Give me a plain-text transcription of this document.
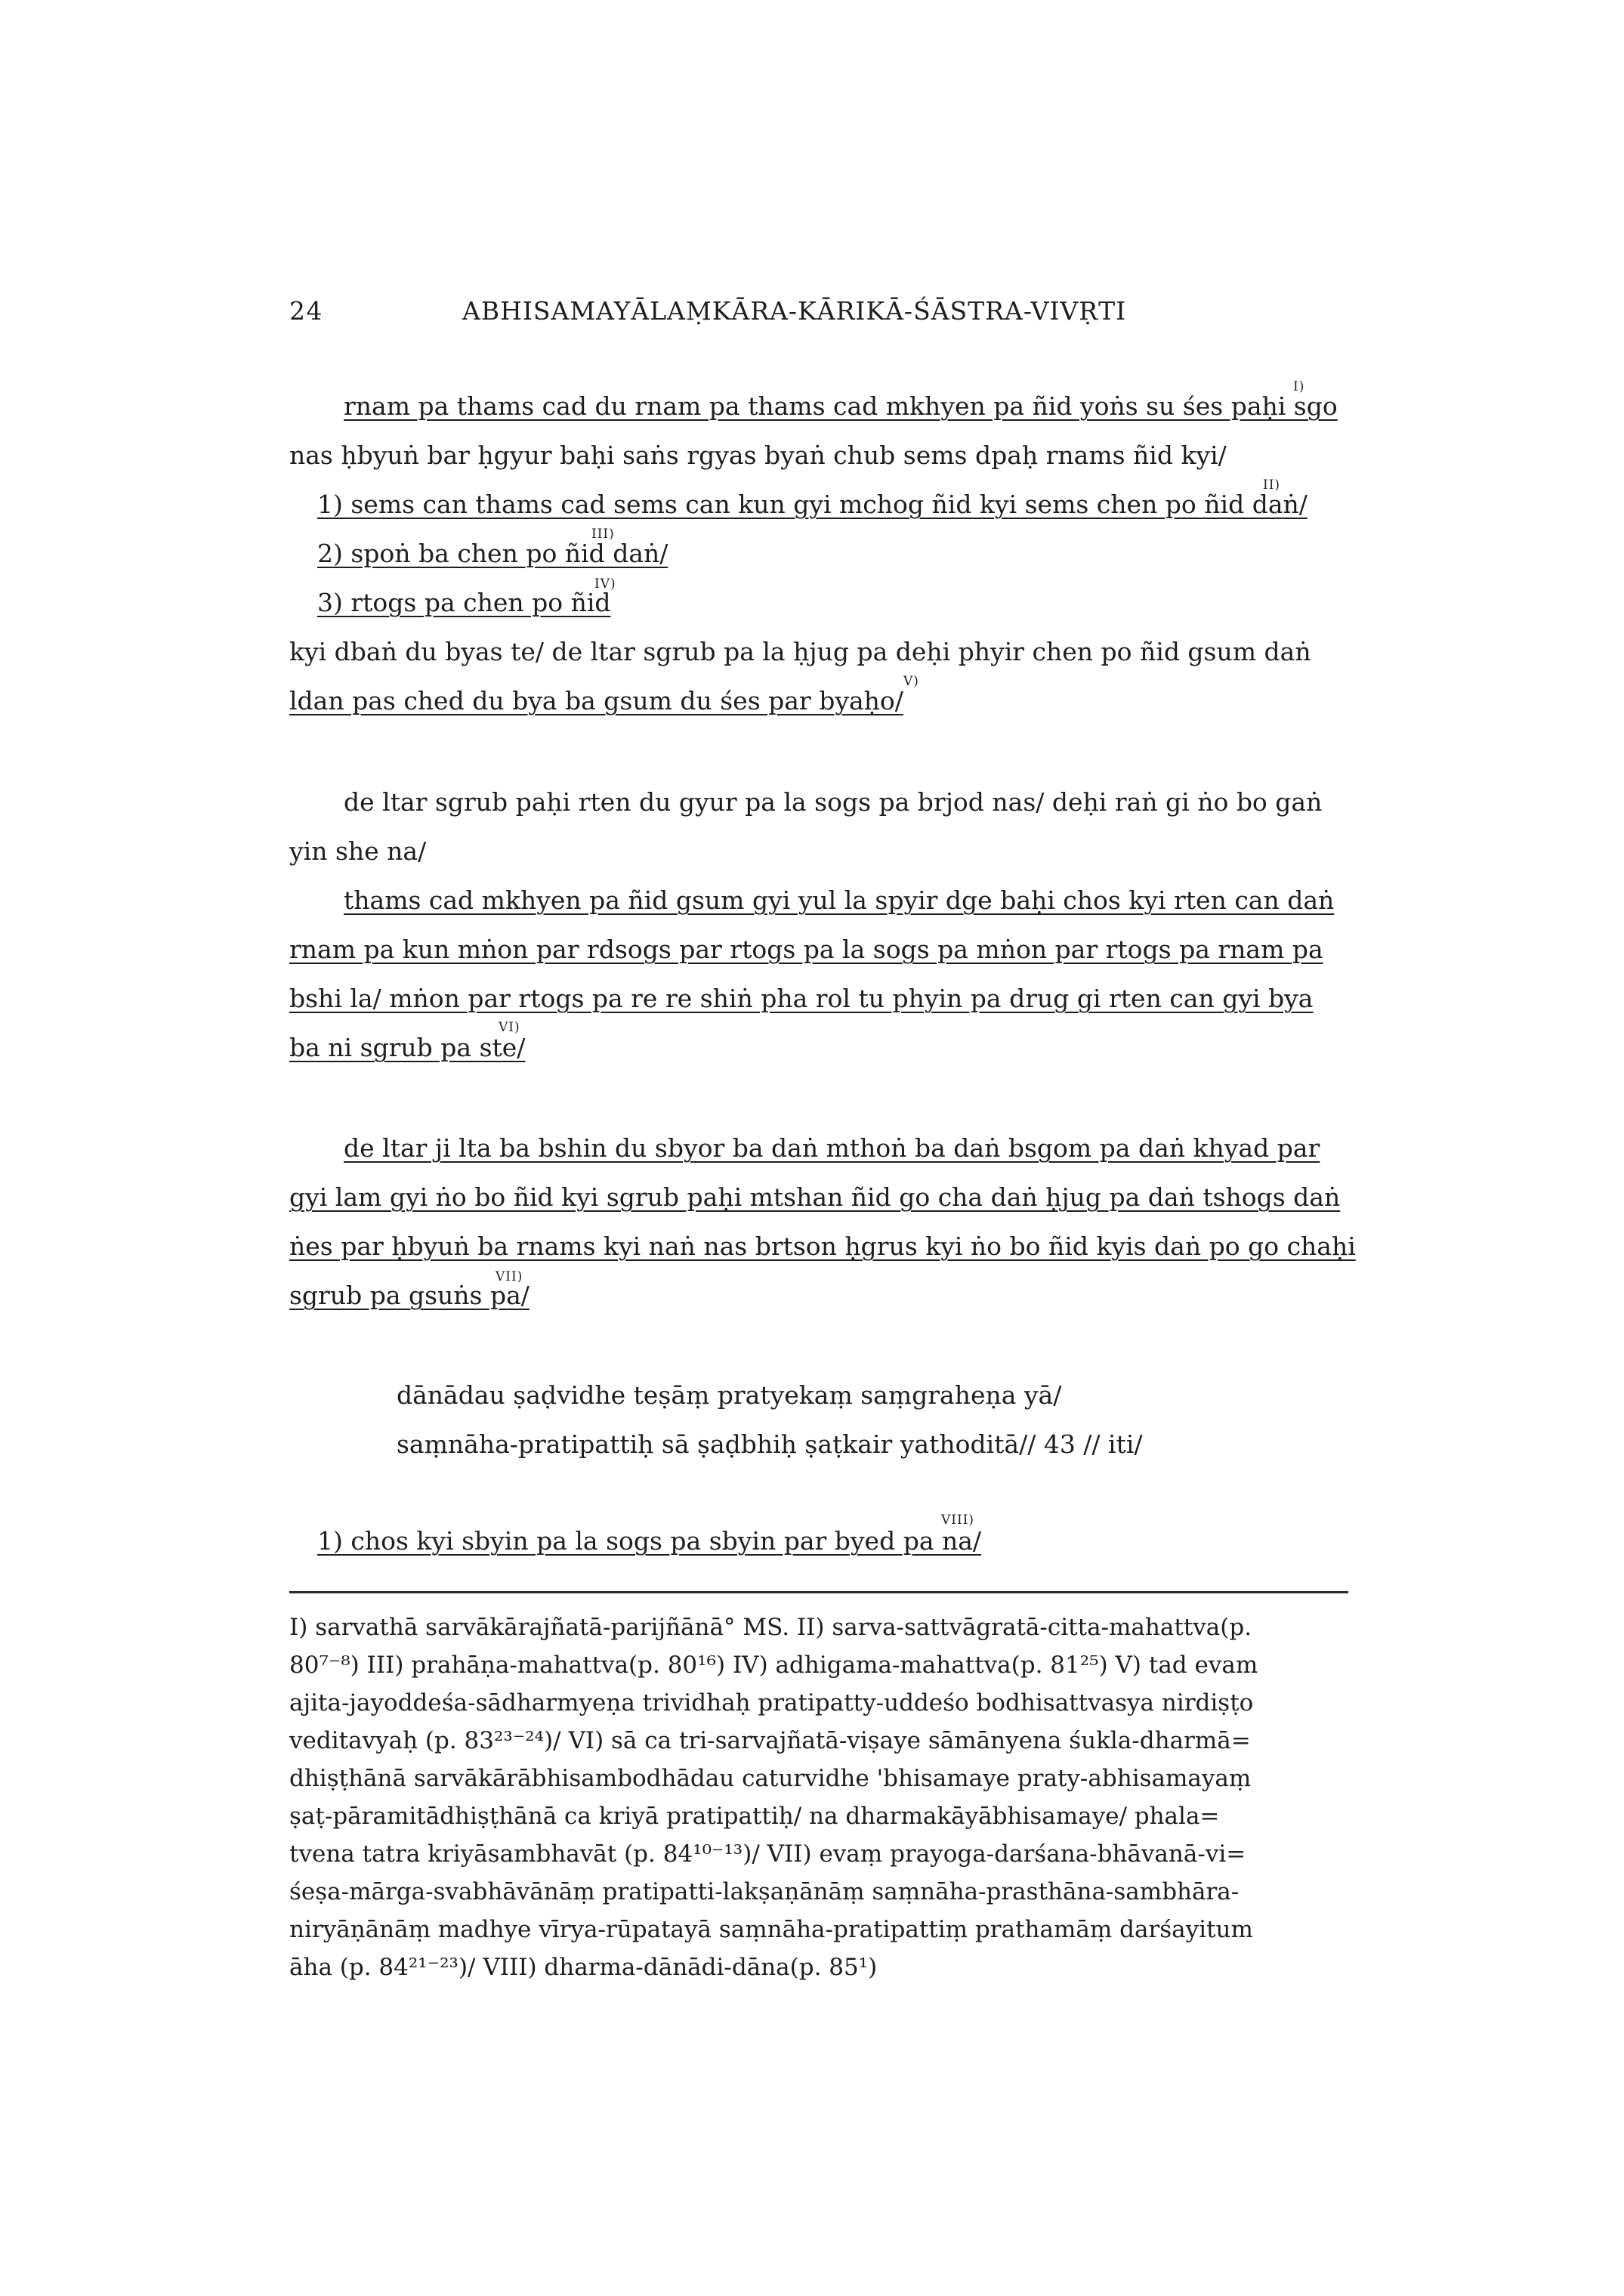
24	ABHISAMAYĀLAṂKĀRA-KĀRIKĀ-ŚĀSTRA-VIVṚTI
I)
II)
III)
IV)
V)
VI)
VII)
VIII)
rnam pa thams cad du rnam pa thams cad mkhyen pa ñid yoṅs su śes paḥi sgo
nas ḥbyuṅ bar ḥgyur baḥi saṅs rgyas byaṅ chub sems dpaḥ rnams ñid kyi/
1) sems can thams cad sems can kun gyi mchog ñid kyi sems chen po ñid daṅ/
2) spoṅ ba chen po ñid daṅ/
3) rtogs pa chen po ñid
kyi dbaṅ du byas te/ de ltar sgrub pa la ḥjug pa deḥi phyir chen po ñid gsum daṅ
ldan pas ched du bya ba gsum du śes par byaḥo/
de ltar sgrub paḥi rten du gyur pa la sogs pa brjod nas/ deḥi raṅ gi ṅo bo gaṅ
yin she na/
thams cad mkhyen pa ñid gsum gyi yul la spyir dge baḥi chos kyi rten can daṅ
rnam pa kun mṅon par rdsogs par rtogs pa la sogs pa mṅon par rtogs pa rnam pa
bshi la/ mṅon par rtogs pa re re shiṅ pha rol tu phyin pa drug gi rten can gyi bya
ba ni sgrub pa ste/
de ltar ji lta ba bshin du sbyor ba daṅ mthoṅ ba daṅ bsgom pa daṅ khyad par
gyi lam gyi ṅo bo ñid kyi sgrub paḥi mtshan ñid go cha daṅ ḥjug pa daṅ tshogs daṅ
ṅes par ḥbyuṅ ba rnams kyi naṅ nas brtson ḥgrus kyi ṅo bo ñid kyis daṅ po go chaḥi
sgrub pa gsuṅs pa/
dānādau ṣaḍvidhe teṣāṃ pratyekaṃ saṃgraheṇa yā/
saṃnāha-pratipattiḥ sā ṣaḍbhiḥ ṣaṭkair yathoditā// 43 // iti/
1) chos kyi sbyin pa la sogs pa sbyin par byed pa na/
I) sarvathā sarvākārajñatā-parijñānā° MS. II) sarva-sattvāgratā-citta-mahattva(p.
80⁷⁻⁸) III) prahāṇa-mahattva(p. 80¹⁶) IV) adhigama-mahattva(p. 81²⁵) V) tad evam
ajita-jayoddeśa-sādharmyeṇa trividhaḥ pratipatty-uddeśo bodhisattvasya nirdiṣṭo
veditavyaḥ (p. 83²³⁻²⁴)/ VI) sā ca tri-sarvajñatā-viṣaye sāmānyena śukla-dharmā=
dhiṣṭhānā sarvākārābhisambodhādau caturvidhe 'bhisamaye praty-abhisamayaṃ
ṣaṭ-pāramitādhiṣṭhānā ca kriyā pratipattiḥ/ na dharmakāyābhisamaye/ phala=
tvena tatra kriyāsambhavāt (p. 84¹⁰⁻¹³)/ VII) evaṃ prayoga-darśana-bhāvanā-vi=
śeṣa-mārga-svabhāvānāṃ pratipatti-lakṣaṇānāṃ saṃnāha-prasthāna-sambhāra-
niryāṇānāṃ madhye vīrya-rūpatayā saṃnāha-pratipattiṃ prathamāṃ darśayitum
āha (p. 84²¹⁻²³)/ VIII) dharma-dānādi-dāna(p. 85¹)
